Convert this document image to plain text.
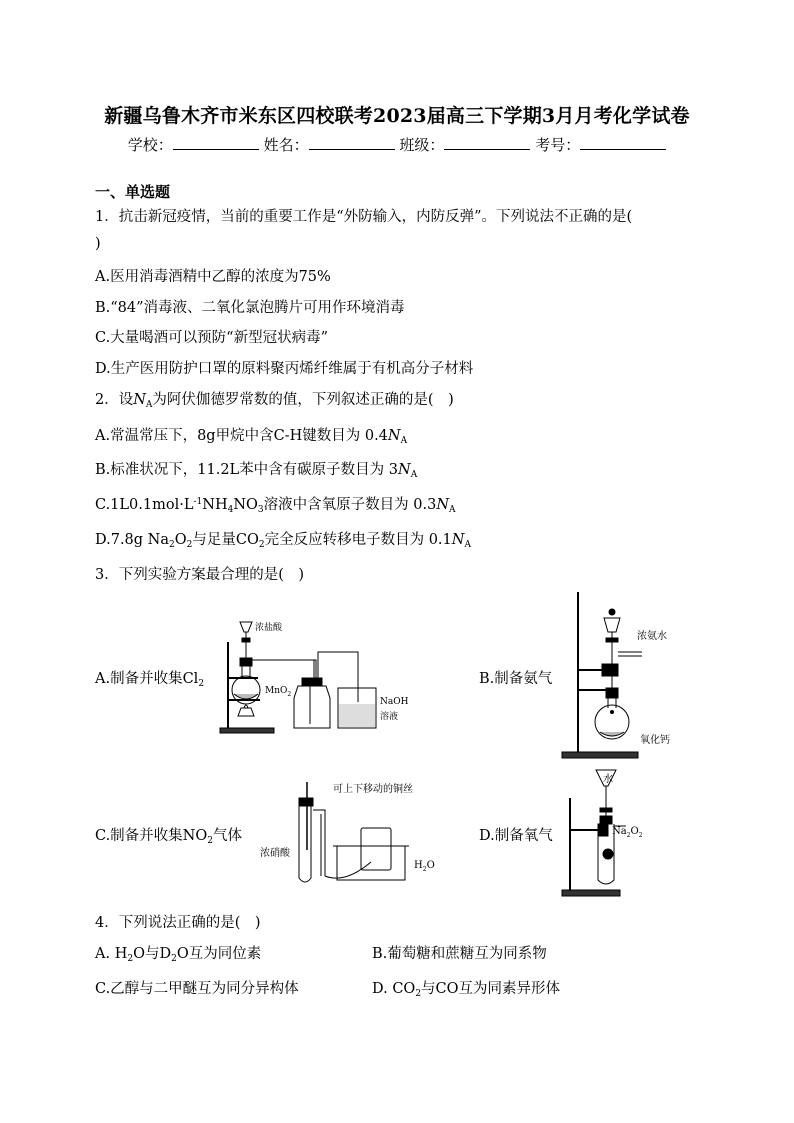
新疆乌鲁木齐市米东区四校联考2023届高三下学期3月月考化学试卷
学校：	姓名：	班级：	考号：
一、单选题
1．抗击新冠疫情，当前的重要工作是“外防输入，内防反弹”。下列说法不正确的是(
)
A.医用消毒酒精中乙醇的浓度为75%
B.“84”消毒液、二氧化氯泡腾片可用作环境消毒
C.大量喝酒可以预防“新型冠状病毒”
D.生产医用防护口罩的原料聚丙烯纤维属于有机高分子材料
2．设$N_A$为阿伏伽德罗常数的值，下列叙述正确的是(　)
A.常温常压下，8g甲烷中含C-H键数目为 $0.4N_A$
B.标准状况下，11.2L苯中含有碳原子数目为 $3N_A$
$C.1L0.1mol\cdot L^{-1}NH_4NO_3$溶液中含氧原子数目为 $0.3N_A$
D.7.8g $Na_2O_2$与足量$CO_2$完全反应转移电子数目为 $0.1N_A$
3．下列实验方案最合理的是(　)
A.制备并收集$Cl_2$	B.制备氨气
C.制备并收集$NO_2$气体	D.制备氧气
浓盐酸
MnO$_2$
NaOH
溶液
浓氨水
氧化钙
可上下移动的铜丝
浓硝酸
$H_2O$
水
$Na_2O_2$
4．下列说法正确的是(　)
A. $H_2O$与$D_2O$互为同位素	B.葡萄糖和蔗糖互为同系物
C.乙醇与二甲醚互为同分异构体	D. $CO_2$与CO互为同素异形体
